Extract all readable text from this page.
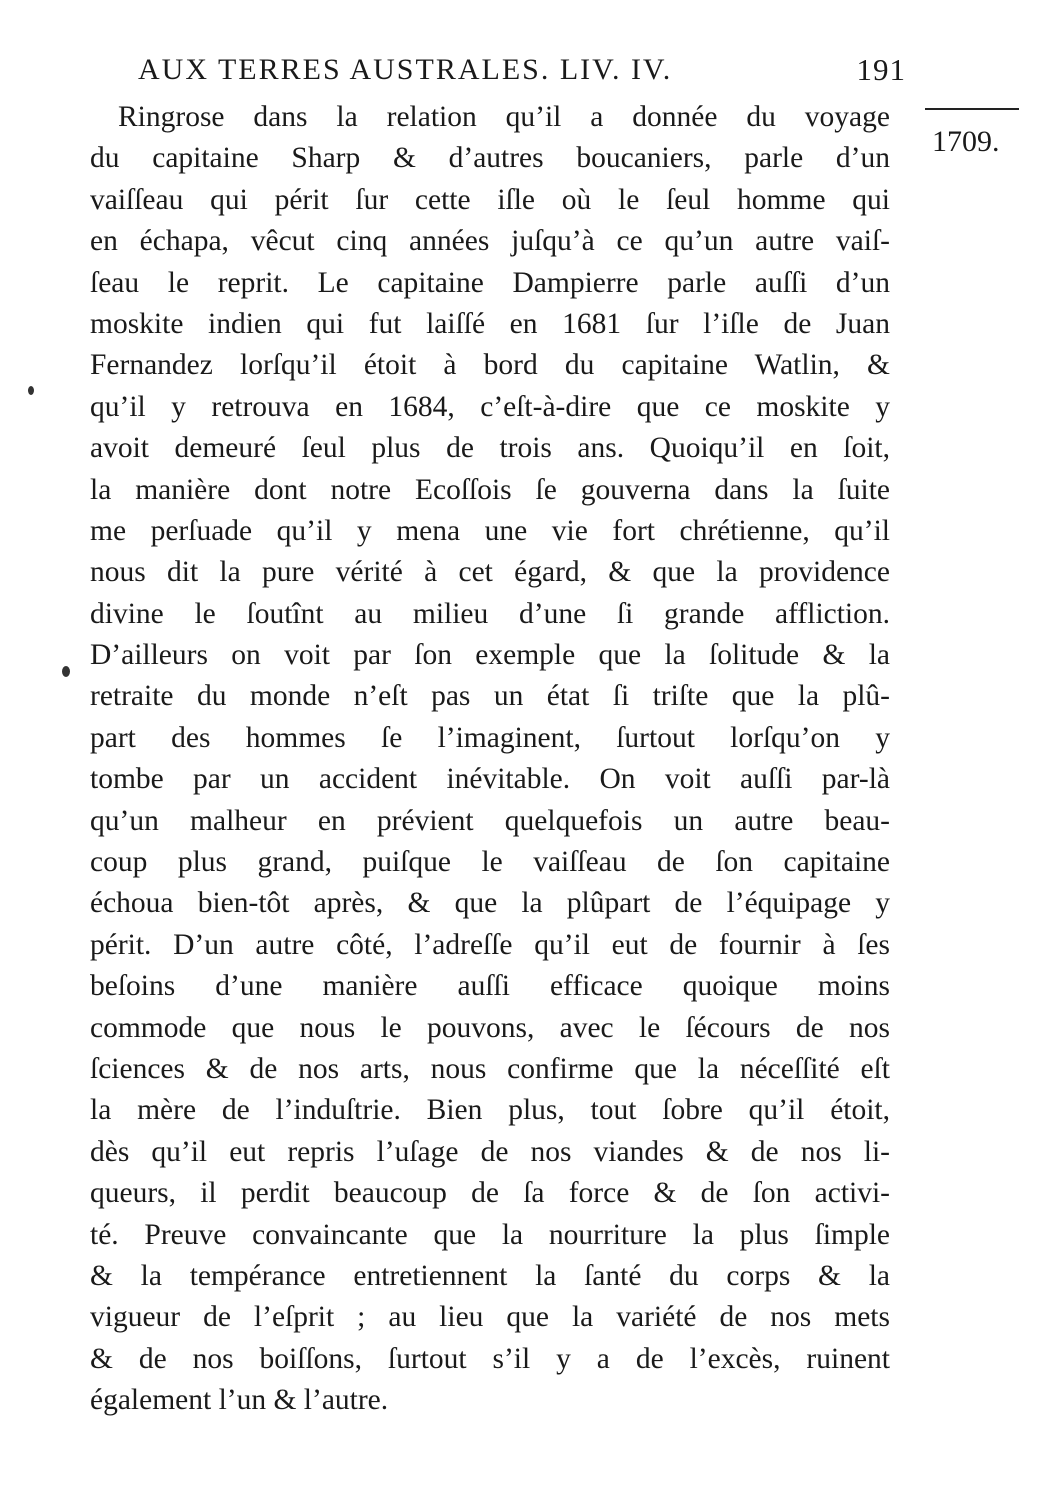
AUX TERRES AUSTRALES. LIV. IV.	191
1709.
Ringrose dans la relation qu’il a donnée du voyage
du capitaine Sharp & d’autres boucaniers, parle d’un
vaiſſeau qui périt ſur cette iſle où le ſeul homme qui
en échapa, vêcut cinq années juſqu’à ce qu’un autre vaiſ-
ſeau le reprit. Le capitaine Dampierre parle auſſi d’un
moskite indien qui fut laiſſé en 1681 ſur l’iſle de Juan
Fernandez lorſqu’il étoit à bord du capitaine Watlin, &
qu’il y retrouva en 1684, c’eſt-à-dire que ce moskite y
avoit demeuré ſeul plus de trois ans. Quoiqu’il en ſoit,
la manière dont notre Ecoſſois ſe gouverna dans la ſuite
me perſuade qu’il y mena une vie fort chrétienne, qu’il
nous dit la pure vérité à cet égard, & que la providence
divine le ſoutînt au milieu d’une ſi grande affliction.
D’ailleurs on voit par ſon exemple que la ſolitude & la
retraite du monde n’eſt pas un état ſi triſte que la plû-
part des hommes ſe l’imaginent, ſurtout lorſqu’on y
tombe par un accident inévitable. On voit auſſi par-là
qu’un malheur en prévient quelquefois un autre beau-
coup plus grand, puiſque le vaiſſeau de ſon capitaine
échoua bien-tôt après, & que la plûpart de l’équipage y
périt. D’un autre côté, l’adreſſe qu’il eut de fournir à ſes
beſoins d’une manière auſſi efficace quoique moins
commode que nous le pouvons, avec le ſécours de nos
ſciences & de nos arts, nous confirme que la néceſſité eſt
la mère de l’induſtrie. Bien plus, tout ſobre qu’il étoit,
dès qu’il eut repris l’uſage de nos viandes & de nos li-
queurs, il perdit beaucoup de ſa force & de ſon activi-
té. Preuve convaincante que la nourriture la plus ſimple
& la tempérance entretiennent la ſanté du corps & la
vigueur de l’eſprit ; au lieu que la variété de nos mets
& de nos boiſſons, ſurtout s’il y a de l’excès, ruinent
également l’un & l’autre.
